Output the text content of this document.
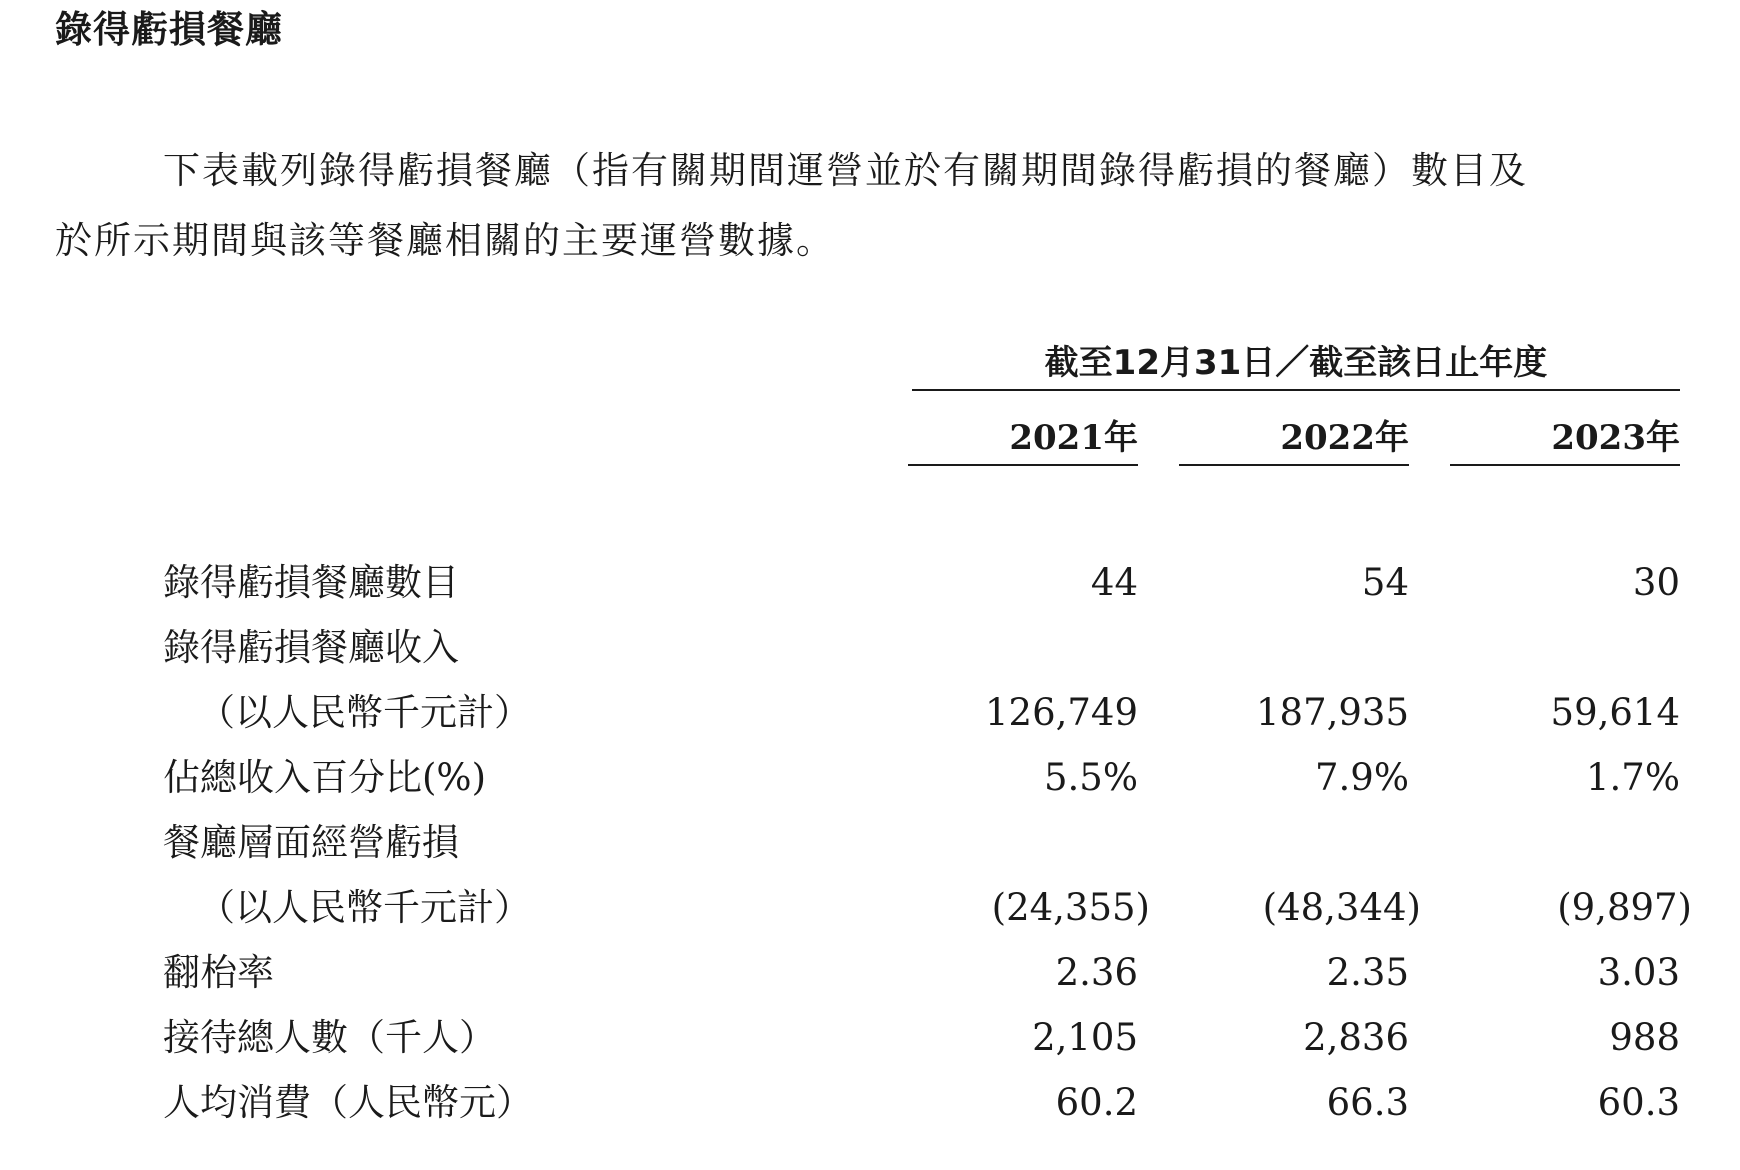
錄得虧損餐廳
下表載列錄得虧損餐廳（指有關期間運營並於有關期間錄得虧損的餐廳）數目及
於所示期間與該等餐廳相關的主要運營數據。
截至12月31日／截至該日止年度
2021年	2022年	2023年
錄得虧損餐廳數目	44	54	30
錄得虧損餐廳收入
（以人民幣千元計）	126,749	187,935	59,614
佔總收入百分比(%)	5.5%	7.9%	1.7%
餐廳層面經營虧損
（以人民幣千元計）	(24,355)	(48,344)	(9,897)
翻枱率	2.36	2.35	3.03
接待總人數（千人）	2,105	2,836	988
人均消費（人民幣元）	60.2	66.3	60.3
